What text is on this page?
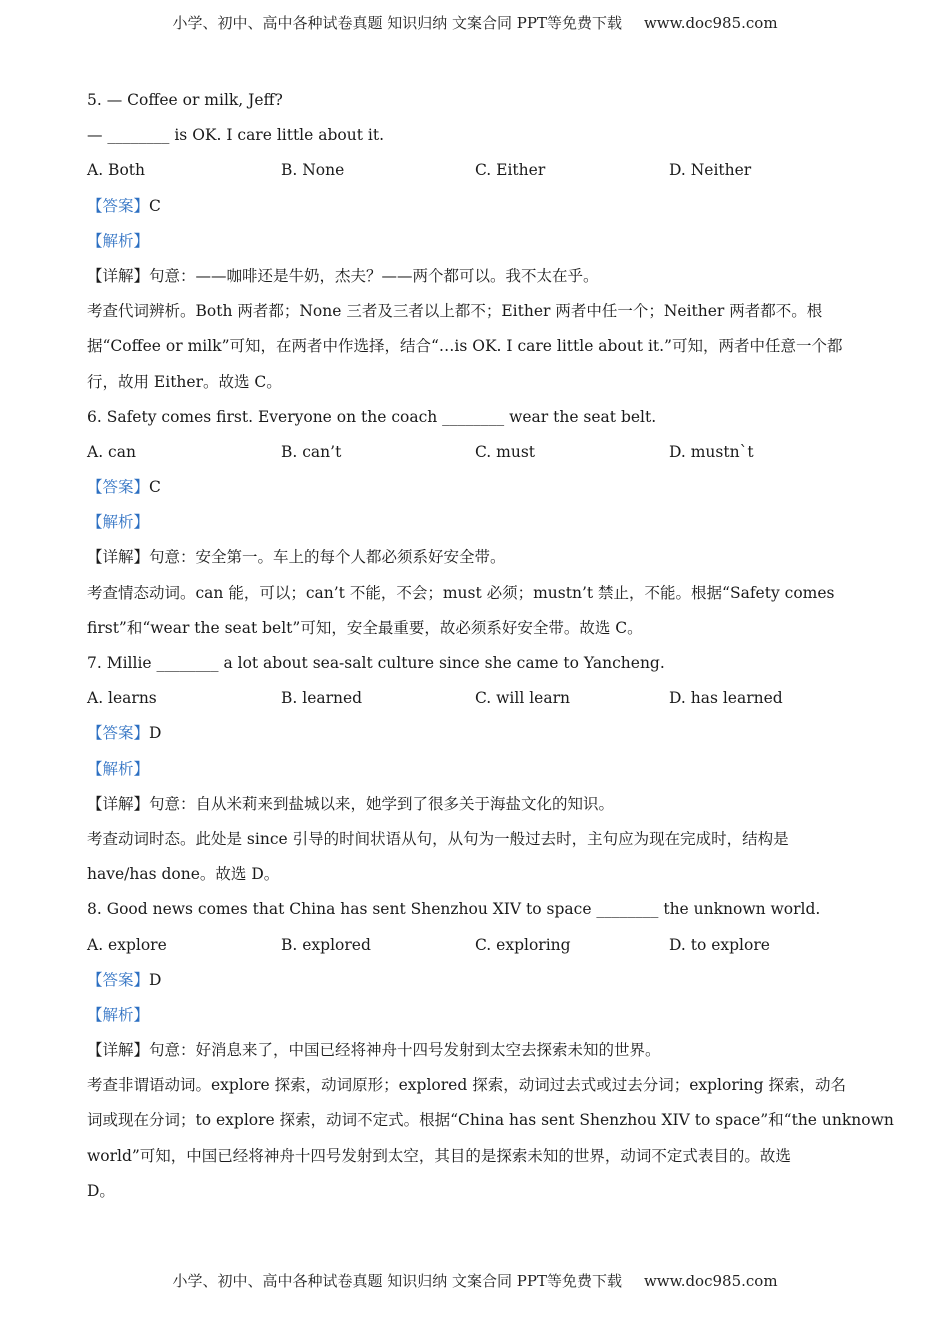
小学、初中、高中各种试卷真题 知识归纳 文案合同 PPT等免费下载 www.doc985.com
5. — Coffee or milk, Jeff?
— ________ is OK. I care little about it.
A. Both	B. None	C. Either	D. Neither
【答案】C
【解析】
【详解】句意：——咖啡还是牛奶，杰夫？——两个都可以。我不太在乎。
考查代词辨析。Both 两者都；None 三者及三者以上都不；Either 两者中任一个；Neither 两者都不。根
据“Coffee or milk”可知，在两者中作选择，结合“…is OK. I care little about it.”可知，两者中任意一个都
行，故用 Either。故选 C。
6. Safety comes first. Everyone on the coach ________ wear the seat belt.
A. can	B. can’t	C. must	D. mustn`t
【答案】C
【解析】
【详解】句意：安全第一。车上的每个人都必须系好安全带。
考查情态动词。can 能，可以；can’t 不能，不会；must 必须；mustn’t 禁止，不能。根据“Safety comes
first”和“wear the seat belt”可知，安全最重要，故必须系好安全带。故选 C。
7. Millie ________ a lot about sea-salt culture since she came to Yancheng.
A. learns	B. learned	C. will learn	D. has learned
【答案】D
【解析】
【详解】句意：自从米莉来到盐城以来，她学到了很多关于海盐文化的知识。
考查动词时态。此处是 since 引导的时间状语从句，从句为一般过去时，主句应为现在完成时，结构是
have/has done。故选 D。
8. Good news comes that China has sent Shenzhou XIV to space ________ the unknown world.
A. explore	B. explored	C. exploring	D. to explore
【答案】D
【解析】
【详解】句意：好消息来了，中国已经将神舟十四号发射到太空去探索未知的世界。
考查非谓语动词。explore 探索，动词原形；explored 探索，动词过去式或过去分词；exploring 探索，动名
词或现在分词；to explore 探索，动词不定式。根据“China has sent Shenzhou XIV to space”和“the unknown
world”可知，中国已经将神舟十四号发射到太空，其目的是探索未知的世界，动词不定式表目的。故选
D。
小学、初中、高中各种试卷真题 知识归纳 文案合同 PPT等免费下载 www.doc985.com
